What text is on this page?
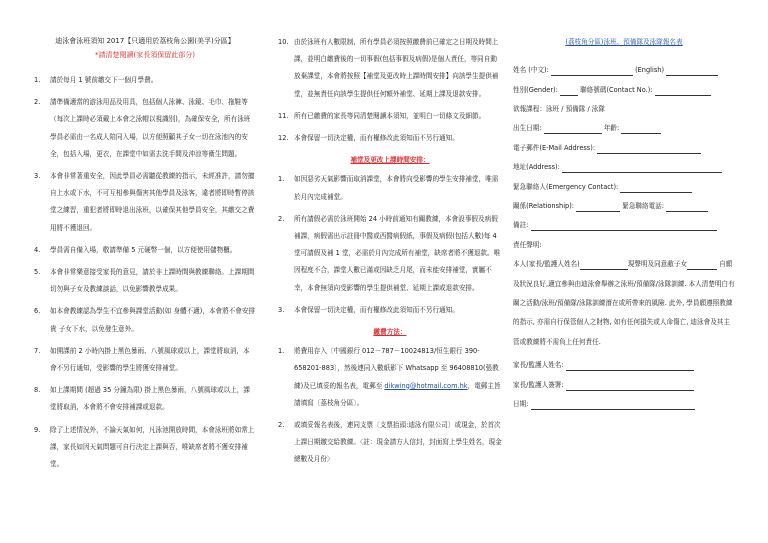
迪泳會泳班須知 2017【只適用於荔枝角公園(美孚)分區】
*請清楚閱讀(家長須保留此部分)
1.	請於每月 1 號前繳交下一個月學費。
2.	請準備適當的游泳用品及用具，包括個人泳褲、泳鏡、毛巾、拖鞋等（每次上課時必須戴上本會之泳帽以視識別)，為確保安全，所有泳班學員必需由一名成人陪同入場，以方便照顧其子女一切在泳池內的安全，包括入場，更衣，在課堂中如需去洗手間及沖涼等衛生問題。
3.	本會非常著重安全，因此學員必需聽從教練的指示，未經准許，請勿擅自上水或下水，不可互相參與傷害其他學員及泳客，違者將即時暫停該堂之練習，重犯者將即時退出泳班，以確保其他學員安全，其繳交之費用將不獲退回。
4.	學員需自備入場，敬請準備 5 元硬幣一個，以方便使用儲物櫃。
5.	本會非常樂意接受家長的意見，請於非上課時間與教練聯絡。上課期間切勿與子女及教練談話，以免影響教學成果。
6.	如本會教練認為學生不宜參與課堂活動(如 身體不適)，本會將不會安排貴 子女下水，以免發生意外。
7.	如開課前 2 小時內掛上黑色暴雨、八號風球或以上，課堂將取消，本會不另行通知，受影響的學生將獲安排補堂。
8.	如上課期間 (超過 35 分鐘為限) 掛上黑色暴雨，八號風球或以上，課堂將取消，本會將不會安排補課或退款。
9.	除了上述情況外，不論天氣如何，凡泳池開放時間，本會泳班將如常上課，家長如因天氣問題可自行決定上課與否，唯缺席者將不獲安排補堂。
10. 由於泳班有人數限制，所有學員必須按照繳費前已確定之日期及時間上課，並明白繳費後的一切事假(包括事假及病假)是個人責任，等同自動放棄課堂，本會將按照【補堂及更改時上課時間安排】向該學生提供補堂，並無責任向該學生提供任何額外補堂、延期上課及退款安排。
11. 所有已繳費的家長等同清楚閱讀本須知，並明白一切條文及細節。
12. 本會保留一切決定權，而有權修改此須知而不另行通知。
補堂及更改上課時間安排：
1.	如因惡劣天氣影響而取消課堂，本會將向受影響的學生安排補堂，唯需於月內完成補堂。
2.	所有請假必需於泳班開始 24 小時前通知有關教練，本會設事假及病假補課，病假需出示註冊中醫或西醫病假紙，事假及病假(包括人數)每 4 堂可請假及補 1 堂，必需於月內完成所有補堂，缺席者將不獲退款。唯因程度不合，課堂人數已滿或因缺乏月尾，而未能安排補堂，實屬不幸，本會無須向受影響的學生提供補堂、延期上課或退款安排。
3.	本會保留一切決定權，而有權修改此須知而不另行通知。
繳費方法：
1.	將費用存入〔中國銀行 012－787－10024813/恒生銀行 390-658201-883〕，然後連同入數紙影下 Whatsapp 至 96408810(張教練)及已填妥的報名表，電郵至 dikwing@hotmail.com.hk，電郵主旨請填寫〔荔枝角分區〕。
2.	或填妥報名表後，連同支票〔支票抬頭:迪泳有限公司〕或現金，於首次上課日期繳交給教練。〈註：現金請方人信封，封面寫上學生姓名，現金總數及月份〉
(荔枝角分區)泳班、預備隊及泳隊報名表
姓名 (中文):	(English)
性別(Gender):	聯絡號碼(Contact No.):
欲報課程：泳班 / 預備隊 / 泳隊
出生日期:	年齡:
電子郵件(E-Mail Address):
地址(Address):
緊急聯絡人(Emergency Contact):
關係(Relationship):	緊急聯絡電話:
備註:
責任聲明:
本人(家長/監護人姓名)	現聲明及同意敝子女	自願及狀況良好,適宜參與由迪泳會舉辦之泳班/預備隊/泳隊訓練. 本人清楚明白有關之活動/泳班/預備隊/泳隊訓練潛在或所帶來的風險. 此外, 學員願遵照教練的指示, 亦需自行保管個人之財物, 如有任何損失或人命傷亡, 迪泳會及其主管或教練將不需負上任何責任.
家長/監護人姓名:
家長/監護人簽署:
日期:
